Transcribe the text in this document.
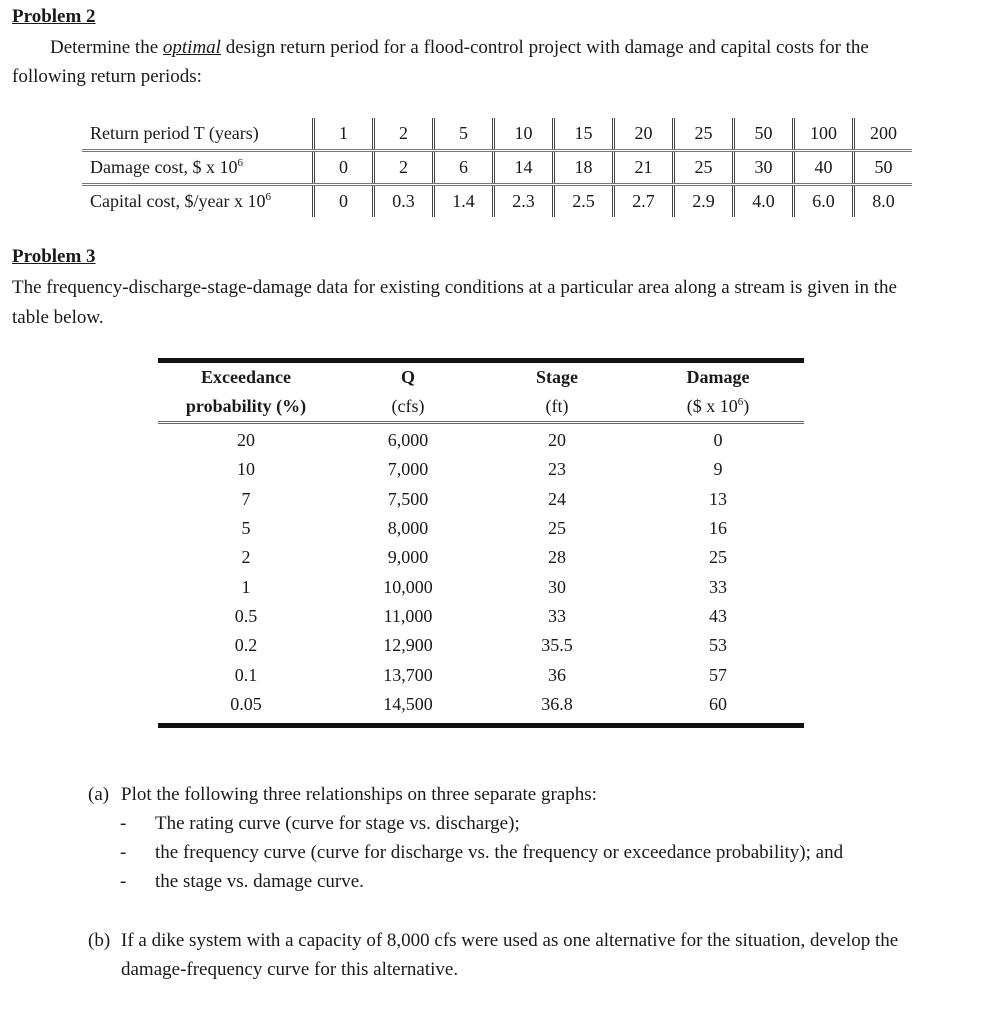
Problem 2
Determine the optimal design return period for a flood-control project with damage and capital costs for the
following return periods:
Return period T (years)	1	2	5	10	15	20	25	50	100	200
Damage cost, $ x $10^6$	0	2	6	14	18	21	25	30	40	50
Capital cost, $/year x $10^6$	0	0.3	1.4	2.3	2.5	2.7	2.9	4.0	6.0	8.0
Problem 3
The frequency-discharge-stage-damage data for existing conditions at a particular area along a stream is given in the
table below.
Exceedance	Q	Stage	Damage
probability (%)	(cfs)	(ft)	($ x $10^6$)
20	6,000	20	0
10	7,000	23	9
7	7,500	24	13
5	8,000	25	16
2	9,000	28	25
1	10,000	30	33
0.5	11,000	33	43
0.2	12,900	35.5	53
0.1	13,700	36	57
0.05	14,500	36.8	60
(a) Plot the following three relationships on three separate graphs:
- The rating curve (curve for stage vs. discharge);
- the frequency curve (curve for discharge vs. the frequency or exceedance probability); and
- the stage vs. damage curve.
(b) If a dike system with a capacity of 8,000 cfs were used as one alternative for the situation, develop the
damage-frequency curve for this alternative.
